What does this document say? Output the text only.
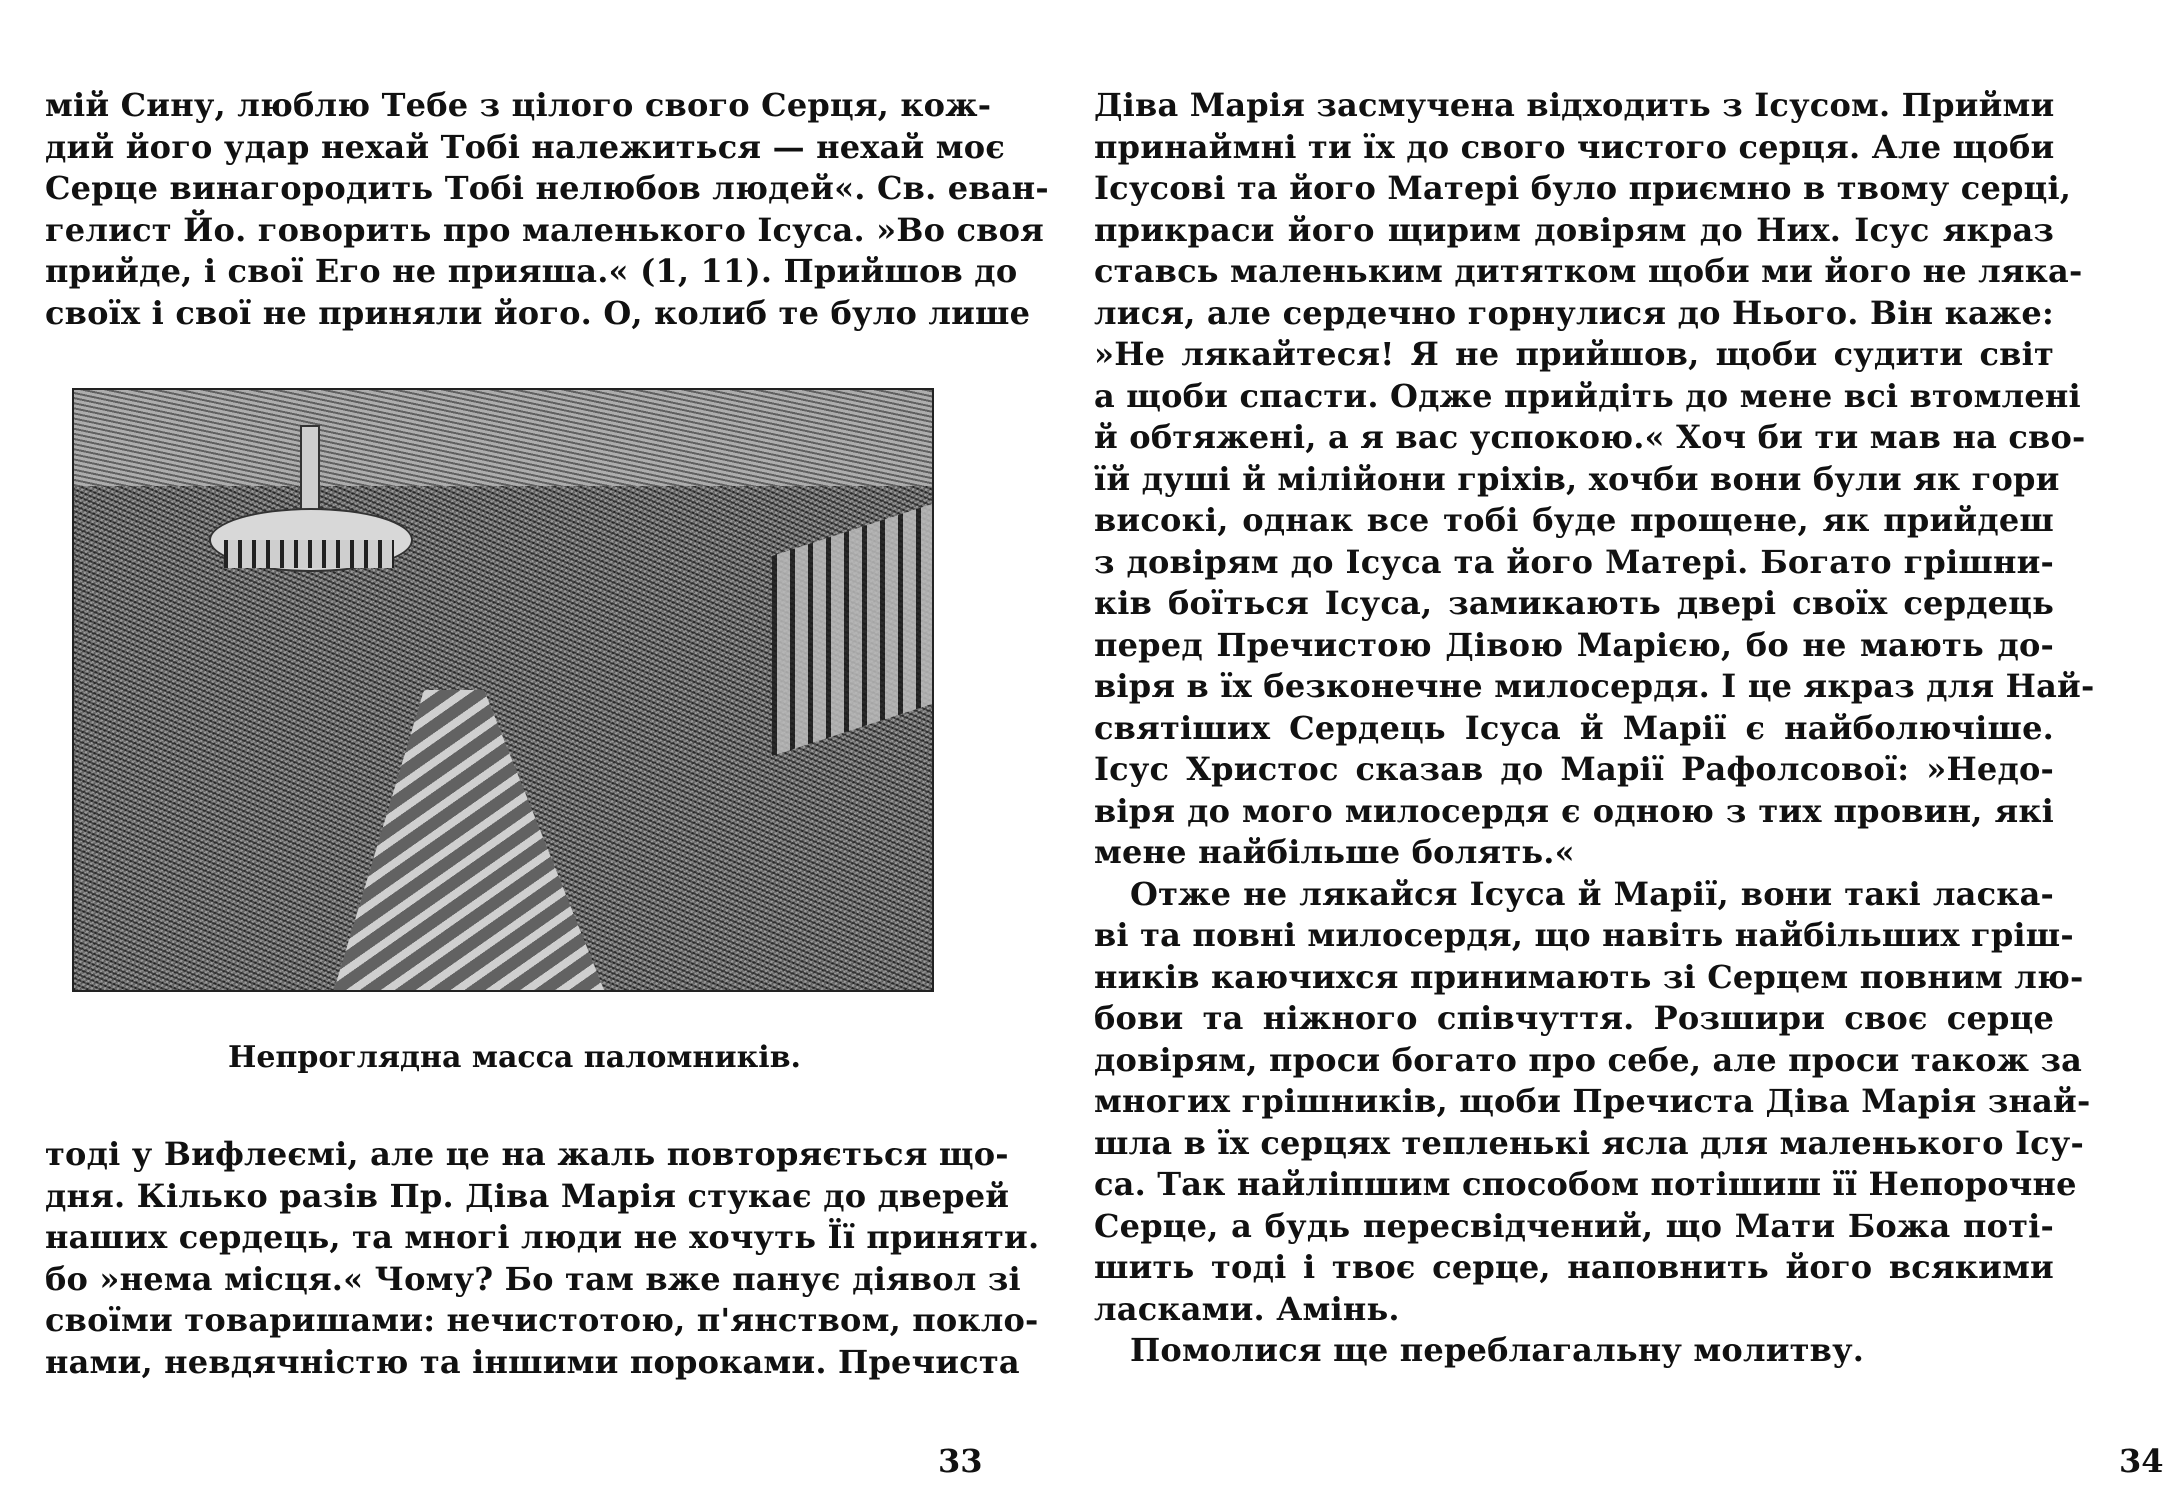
мій Сину, люблю Тебе з цілого свого Серця, кож-
дий його удар нехай Тобі належиться — нехай моє
Серце винагородить Тобі нелюбов людей«. Св. еван-
гелист Йо. говорить про маленького Ісуса. »Во своя
прийде, і свої Его не прияша.« (1, 11). Прийшов до
своїх і свої не приняли його. О, колиб те було лише
Непроглядна масса паломників.
тоді у Вифлеємі, але це на жаль повторяється що-
дня. Кілько разів Пр. Діва Марія стукає до дверей
наших сердець, та многі люди не хочуть Її приняти.
бо »нема місця.« Чому? Бо там вже панує діявол зі
своїми товаришами: нечистотою, п'янством, покло-
нами, невдячністю та іншими пороками. Пречиста
33
Діва Марія засмучена відходить з Ісусом. Прийми
принаймні ти їх до свого чистого серця. Але щоби
Ісусові та його Матері було приємно в твому серці,
прикраси його щирим довірям до Них. Ісус якраз
ставсь маленьким дитятком щоби ми його не ляка-
лися, але сердечно горнулися до Нього. Він каже:
»Не лякайтеся! Я не прийшов, щоби судити світ
а щоби спасти. Одже прийдіть до мене всі втомлені
й обтяжені, а я вас успокою.« Хоч би ти мав на сво-
їй душі й мілійони гріхів, хочби вони були як гори
високі, однак все тобі буде прощене, як прийдеш
з довірям до Ісуса та його Матері. Богато грішни-
ків боїться Ісуса, замикають двері своїх сердець
перед Пречистою Дівою Марією, бо не мають до-
віря в їх безконечне милосердя. І це якраз для Най-
святіших Сердець Ісуса й Марії є найболючіше.
Ісус Христос сказав до Марії Рафолсової: »Недо-
віря до мого милосердя є одною з тих провин, які
мене найбільше болять.«
Отже не лякайся Ісуса й Марії, вони такі ласка-
ві та повні милосердя, що навіть найбільших гріш-
ників каючихся принимають зі Серцем повним лю-
бови та ніжного співчуття. Розшири своє серце
довірям, проси богато про себе, але проси також за
многих грішників, щоби Пречиста Діва Марія знай-
шла в їх серцях тепленькі ясла для маленького Ісу-
са. Так найліпшим способом потішиш її Непорочне
Серце, а будь пересвідчений, що Мати Божа потi-
шить тоді і твоє серце, наповнить його всякими
ласками. Амінь.
Помолися ще переблагальну молитву.
34
